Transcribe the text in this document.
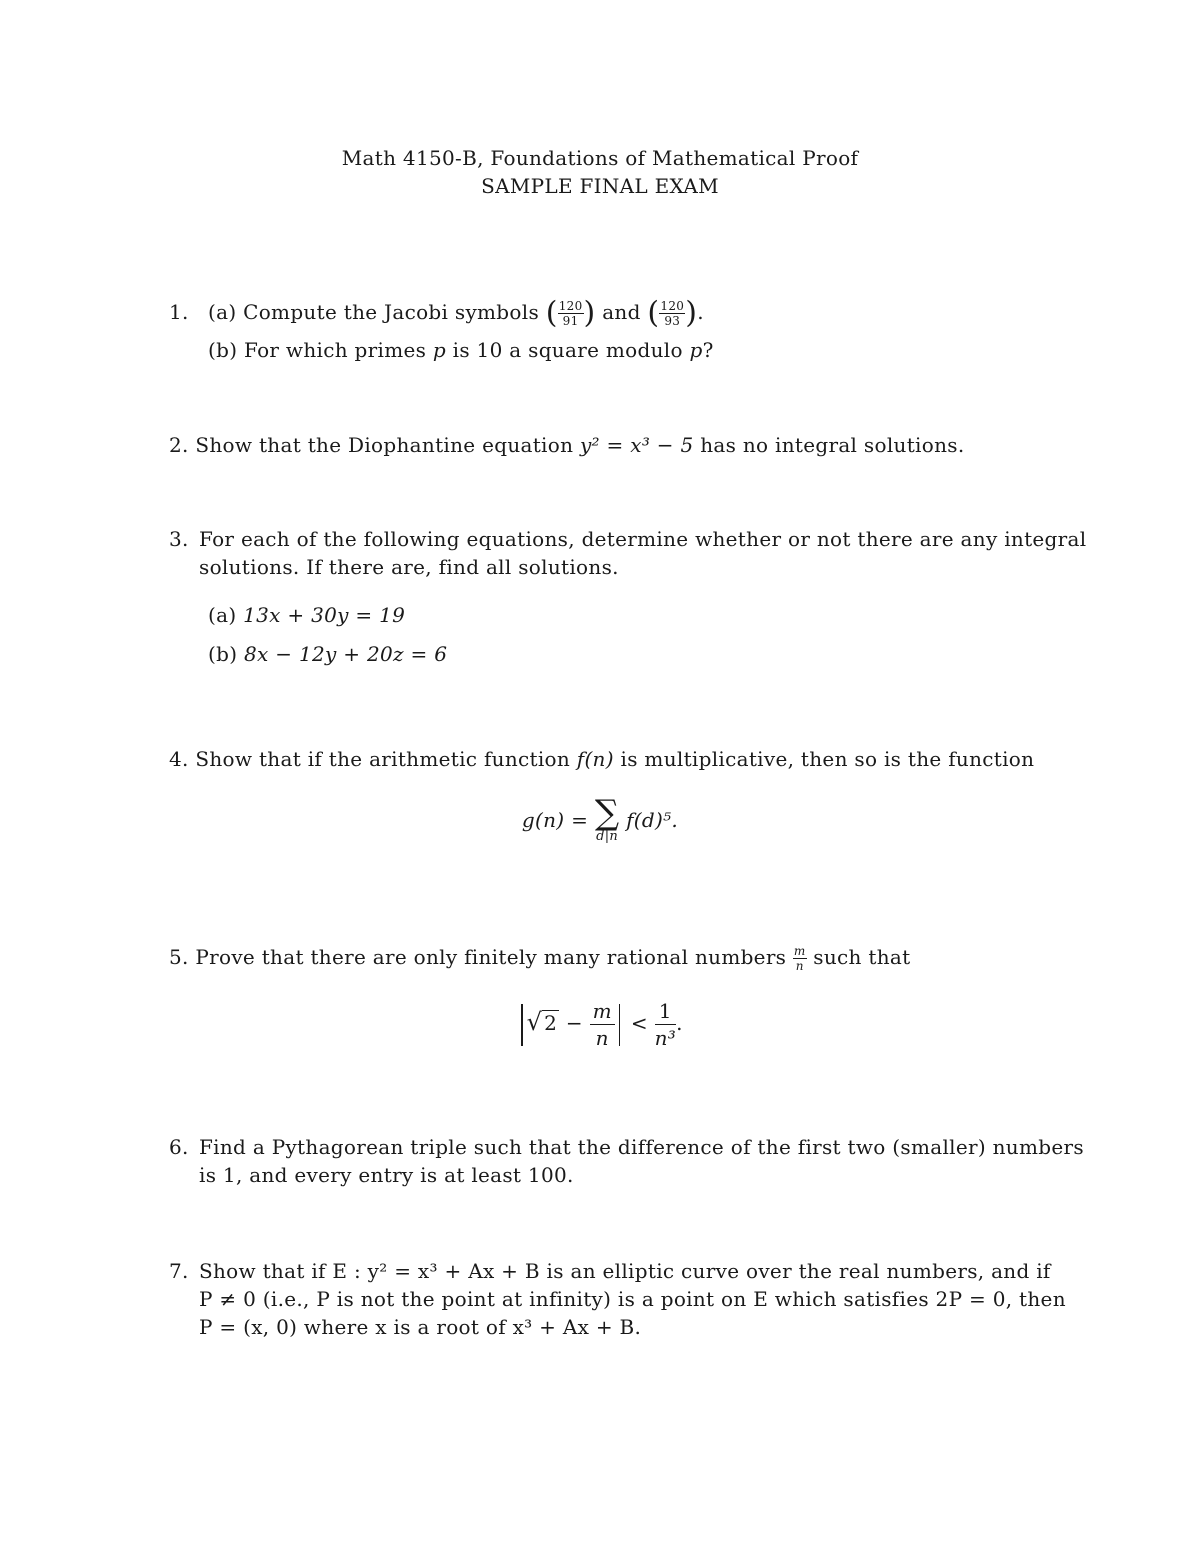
Math 4150-B, Foundations of Mathematical Proof
SAMPLE FINAL EXAM
1. (a) Compute the Jacobi symbols ( $\frac{120}{91}$ ) and ( $\frac{120}{93}$ ).
(b) For which primes p is 10 a square modulo p?
2. Show that the Diophantine equation y² = x³ − 5 has no integral solutions.
3. For each of the following equations, determine whether or not there are any integral
solutions. If there are, find all solutions.
(a) 13x + 30y = 19
(b) 8x − 12y + 20z = 6
4. Show that if the arithmetic function f(n) is multiplicative, then so is the function
g(n) = ∑
d|n
f(d)⁵.
5. Prove that there are only finitely many rational numbers $\frac{m}{n}$ such that
√ $2 - \frac{m}{n} < \frac{1}{\text{n³}}$ .
6. Find a Pythagorean triple such that the difference of the first two (smaller) numbers
is 1, and every entry is at least 100.
7. Show that if E : y² = x³ + Ax + B is an elliptic curve over the real numbers, and if
P ≠ 0 (i.e., P is not the point at infinity) is a point on E which satisfies 2P = 0, then
P = (x, 0) where x is a root of x³ + Ax + B.
